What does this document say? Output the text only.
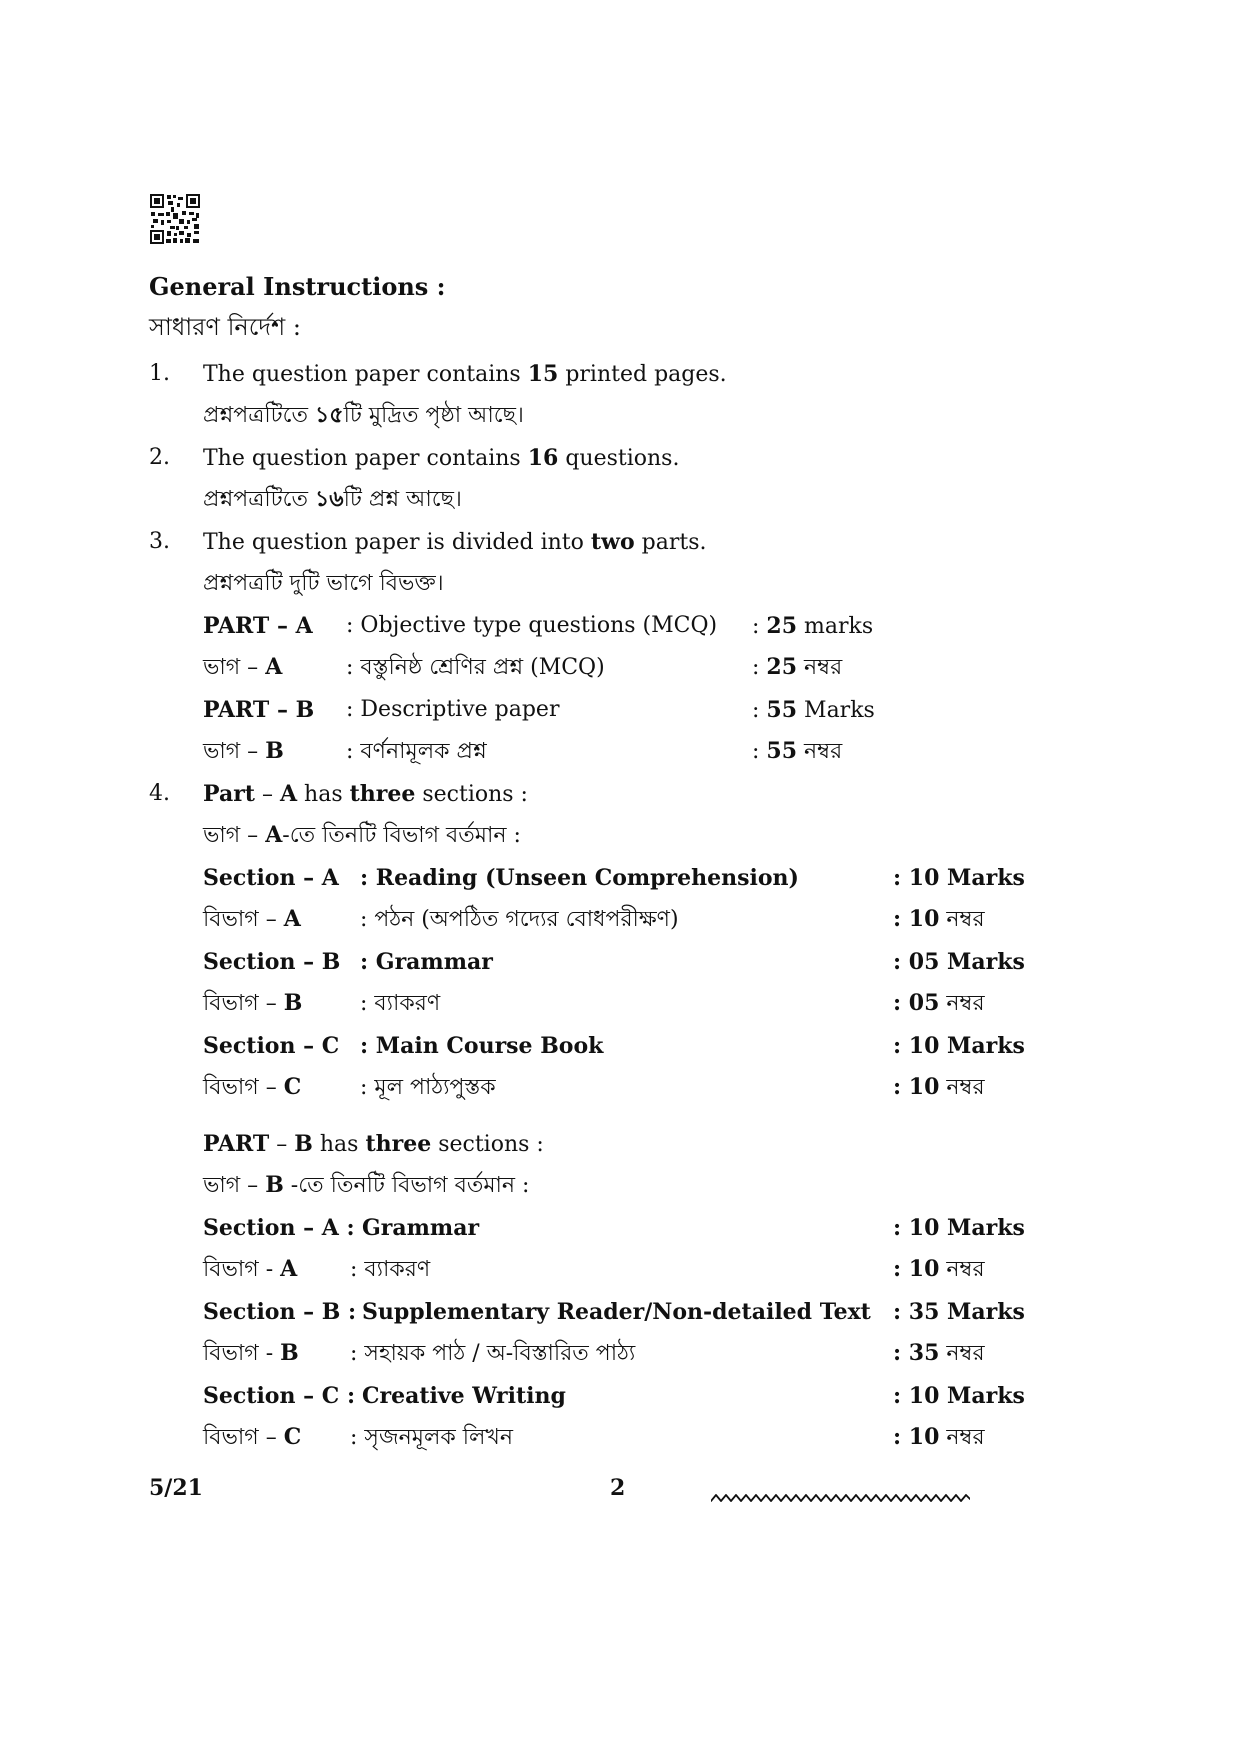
General Instructions :
সাধারণ নির্দেশ :
1. The question paper contains 15 printed pages.
প্রশ্নপত্রটিতে ১৫টি মুদ্রিত পৃষ্ঠা আছে।
2. The question paper contains 16 questions.
প্রশ্নপত্রটিতে ১৬টি প্রশ্ন আছে।
3. The question paper is divided into two parts.
প্রশ্নপত্রটি দুটি ভাগে বিভক্ত।
PART – A : Objective type questions (MCQ) : 25 marks
ভাগ – A	: বস্তুনিষ্ঠ শ্রেণির প্রশ্ন (MCQ)	: 25 নম্বর
PART – B : Descriptive paper	: 55 Marks
ভাগ – B	: বর্ণনামূলক প্রশ্ন	: 55 নম্বর
4. Part – A has three sections :
ভাগ – A-তে তিনটি বিভাগ বর্তমান :
Section – A : Reading (Unseen Comprehension)	: 10 Marks
বিভাগ – A	: পঠন (অপঠিত গদ্যের বোধপরীক্ষণ)	: 10 নম্বর
Section – B : Grammar	: 05 Marks
বিভাগ – B	: ব্যাকরণ	: 05 নম্বর
Section – C : Main Course Book	: 10 Marks
বিভাগ – C	: মূল পাঠ্যপুস্তক	: 10 নম্বর
PART – B has three sections :
ভাগ – B -তে তিনটি বিভাগ বর্তমান :
Section – A : Grammar	: 10 Marks
বিভাগ - A : ব্যাকরণ	: 10 নম্বর
Section – B : Supplementary Reader/Non-detailed Text : 35 Marks
বিভাগ - B : সহায়ক পাঠ / অ-বিস্তারিত পাঠ্য	: 35 নম্বর
Section – C : Creative Writing	: 10 Marks
বিভাগ – C : সৃজনমূলক লিখন	: 10 নম্বর
5/21	2
